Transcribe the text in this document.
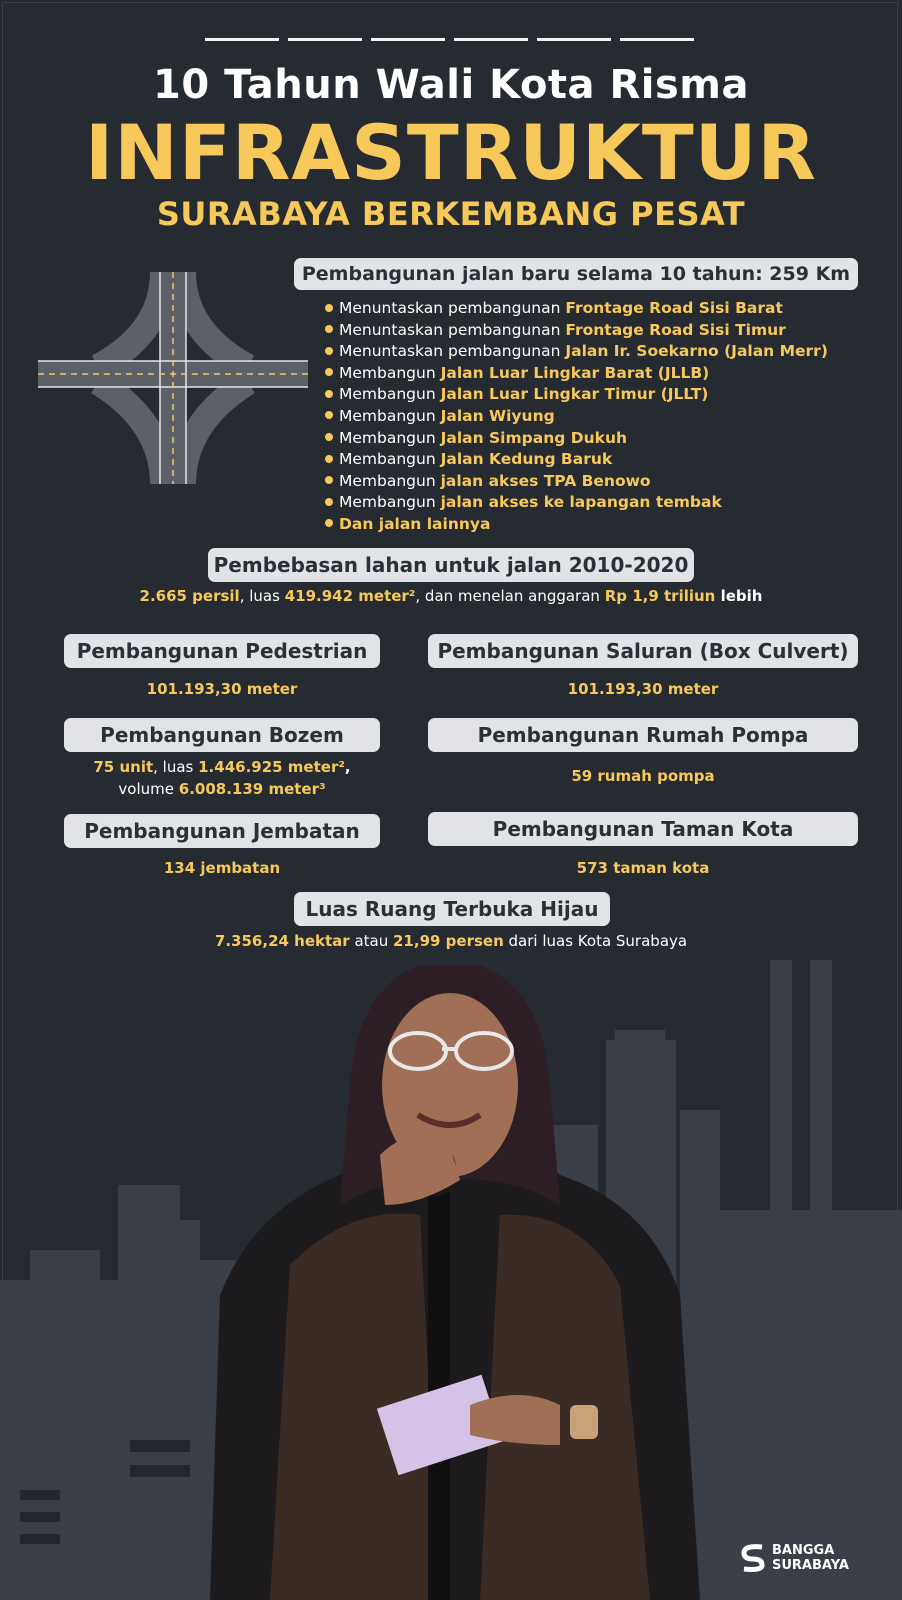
10 Tahun Wali Kota Risma
INFRASTRUKTUR
SURABAYA BERKEMBANG PESAT
Pembangunan jalan baru selama 10 tahun: 259 Km
Menuntaskan pembangunan Frontage Road Sisi Barat
Menuntaskan pembangunan Frontage Road Sisi Timur
Menuntaskan pembangunan Jalan Ir. Soekarno (Jalan Merr)
Membangun Jalan Luar Lingkar Barat (JLLB)
Membangun Jalan Luar Lingkar Timur (JLLT)
Membangun Jalan Wiyung
Membangun Jalan Simpang Dukuh
Membangun Jalan Kedung Baruk
Membangun jalan akses TPA Benowo
Membangun jalan akses ke lapangan tembak
Dan jalan lainnya
Pembebasan lahan untuk jalan 2010-2020
2.665 persil, luas 419.942 meter², dan menelan anggaran Rp 1,9 triliun lebih
Pembangunan Pedestrian
101.193,30 meter
Pembangunan Bozem
75 unit, luas 1.446.925 meter²,
volume 6.008.139 meter³
Pembangunan Jembatan
134 jembatan
Pembangunan Saluran (Box Culvert)
101.193,30 meter
Pembangunan Rumah Pompa
59 rumah pompa
Pembangunan Taman Kota
573 taman kota
Luas Ruang Terbuka Hijau
7.356,24 hektar atau 21,99 persen dari luas Kota Surabaya
BANGGA
SURABAYA
